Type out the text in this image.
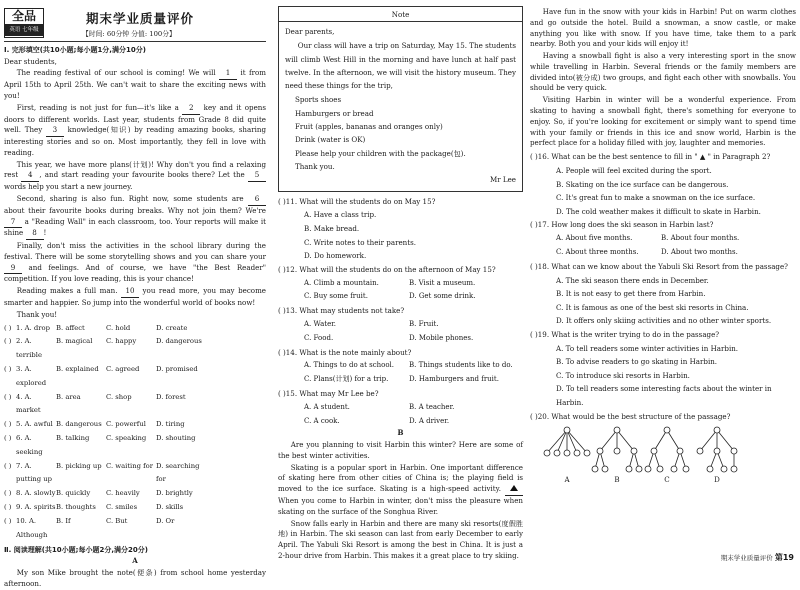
全品
英语 七年级
期末学业质量评价
【时间: 60分钟 分值: 100分】
Ⅰ. 完形填空(共10小题;每小题1分,满分10分)
Dear students,
The reading festival of our school is coming! We will 1 it from April 15th to April 25th. We can't wait to share the exciting news with you!
First, reading is not just for fun—it's like a 2 key and it opens doors to different worlds. Last year, students from Grade 8 did quite well. They 3 knowledge(知识) by reading amazing books, sharing interesting stories and so on. Most importantly, they fell in love with reading.
This year, we have more plans(计划)! Why don't you find a relaxing rest 4 , and start reading your favourite books there? Let the 5 words help you start a new journey.
Second, sharing is also fun. Right now, some students are 6 about their favourite books during breaks. Why not join them? We're 7 a "Reading Wall" in each classroom, too. Your reports will make it shine 8 !
Finally, don't miss the activities in the school library during the festival. There will be some storytelling shows and you can share your 9 and feelings. And of course, we have "the Best Reader" competition. If you love reading, this is your chance!
Reading makes a full man. 10 you read more, you may become smarter and happier. So jump into the wonderful world of books now!
Thank you!
( ) 1. A. drop B. affect	C. hold	D. create
( ) 2. A. terrible
B. magical	C. happy	D. dangerous
( ) 3. A. explored
B. explained	C. agreed	D. promised
( ) 4. A. market
B. area	C. shop	D. forest
( ) 5. A. awful B. dangerous C. powerful	D. tiring
( ) 6. A. seeking
B. talking	C. speaking	D. shouting
( ) 7. A. putting up
B. picking up C. waiting for D. searching for
( ) 8. A. slowly B. quickly	C. heavily	D. brightly
( ) 9. A. spirits B. thoughts	C. smiles	D. skills
( ) 10. A. Although
B. If	C. But	D. Or
Ⅱ. 阅读理解(共10小题;每小题2分,满分20分)
A
My son Mike brought the note(便条) from school home yesterday afternoon.
Note
Dear parents,
Our class will have a trip on Saturday, May 15. The students will climb West Hill in the morning and have lunch at half past twelve. In the afternoon, we will visit the history museum. They need these things for the trip,
Sports shoes
Hamburgers or bread
Fruit (apples, bananas and oranges only)
Drink (water is OK)
Please help your children with the package(包).
Thank you.
Mr Lee
( )11. What will the students do on May 15?
A. Have a class trip.
B. Make bread.
C. Write notes to their parents.
D. Do homework.
( )12. What will the students do on the afternoon of May 15?
A. Climb a mountain.	B. Visit a museum.
C. Buy some fruit.	D. Get some drink.
( )13. What may students not take?
A. Water.	B. Fruit.
C. Food.	D. Mobile phones.
( )14. What is the note mainly about?
A. Things to do at school.	B. Things students like to do.
C. Plans(计划) for a trip.	D. Hamburgers and fruit.
( )15. What may Mr Lee be?
A. A student.	B. A teacher.
C. A cook.	D. A driver.
B
Are you planning to visit Harbin this winter? Here are some of the best winter activities.
Skating is a popular sport in Harbin. One important difference of skating here from other cities of China is; the playing field is moved to the ice surface. Skating is a high-speed activity.  When you come to Harbin in winter, don't miss the pleasure when skating on the surface of the Songhua River.
Snow falls early in Harbin and there are many ski resorts(度假胜地) in Harbin. The ski season can last from early December to early April. The Yabuli Ski Resort is among the best in China. It is just a 2-hour drive from Harbin. This makes it a great place to try skiing.
Have fun in the snow with your kids in Harbin! Put on warm clothes and go outside the hotel. Build a snowman, a snow castle, or make anything you like with snow. If you have time, take them to a park nearby. Both you and your kids will enjoy it!
Having a snowball fight is also a very interesting sport in the snow while travelling in Harbin. Several friends or the family members are divided into(被分成) two groups, and fight each other with snowballs. You should be very quick.
Visiting Harbin in winter will be a wonderful experience. From skating to having a snowball fight, there's something for everyone to enjoy. So, if you're looking for excitement or simply want to spend time with your family or friends in this ice and snow world, Harbin is the perfect place for a holiday filled with joy, laughter and memories.
( )16. What can be the best sentence to fill in " ▲ " in Paragraph 2?
A. People will feel excited during the sport.
B. Skating on the ice surface can be dangerous.
C. It's great fun to make a snowman on the ice surface.
D. The cold weather makes it difficult to skate in Harbin.
( )17. How long does the ski season in Harbin last?
A. About five months.	B. About four months.
C. About three months.	D. About two months.
( )18. What can we know about the Yabuli Ski Resort from the passage?
A. The ski season there ends in December.
B. It is not easy to get there from Harbin.
C. It is famous as one of the best ski resorts in China.
D. It offers only skiing activities and no other winter sports.
( )19. What is the writer trying to do in the passage?
A. To tell readers some winter activities in Harbin.
B. To advise readers to go skating in Harbin.
C. To introduce ski resorts in Harbin.
D. To tell readers some interesting facts about the winter in Harbin.
( )20. What would be the best structure of the passage?
A	B	C	D
期末学业质量评价 第19
